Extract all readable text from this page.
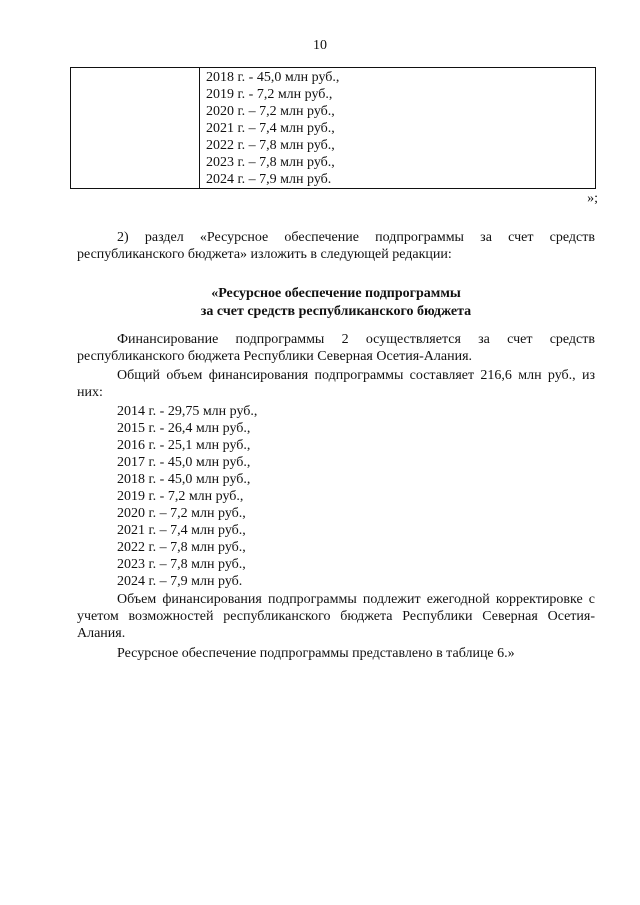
10
2018 г. - 45,0 млн руб.,
2019 г. - 7,2 млн руб.,
2020 г. – 7,2 млн руб.,
2021 г. – 7,4 млн руб.,
2022 г. – 7,8 млн руб.,
2023 г. – 7,8 млн руб.,
2024 г. – 7,9 млн руб.
»;
2) раздел «Ресурсное обеспечение подпрограммы за счет средств республиканского бюджета» изложить в следующей редакции:
«Ресурсное обеспечение подпрограммы
за счет средств республиканского бюджета
Финансирование подпрограммы 2 осуществляется за счет средств республиканского бюджета Республики Северная Осетия-Алания.
Общий объем финансирования подпрограммы составляет 216,6 млн руб., из них:
2014 г. - 29,75 млн руб.,
2015 г. - 26,4 млн руб.,
2016 г. - 25,1 млн руб.,
2017 г. - 45,0 млн руб.,
2018 г. - 45,0 млн руб.,
2019 г. - 7,2 млн руб.,
2020 г. – 7,2 млн руб.,
2021 г. – 7,4 млн руб.,
2022 г. – 7,8 млн руб.,
2023 г. – 7,8 млн руб.,
2024 г. – 7,9 млн руб.
Объем финансирования подпрограммы подлежит ежегодной корректировке с учетом возможностей республиканского бюджета Республики Северная Осетия-Алания.
Ресурсное обеспечение подпрограммы представлено в таблице 6.»
